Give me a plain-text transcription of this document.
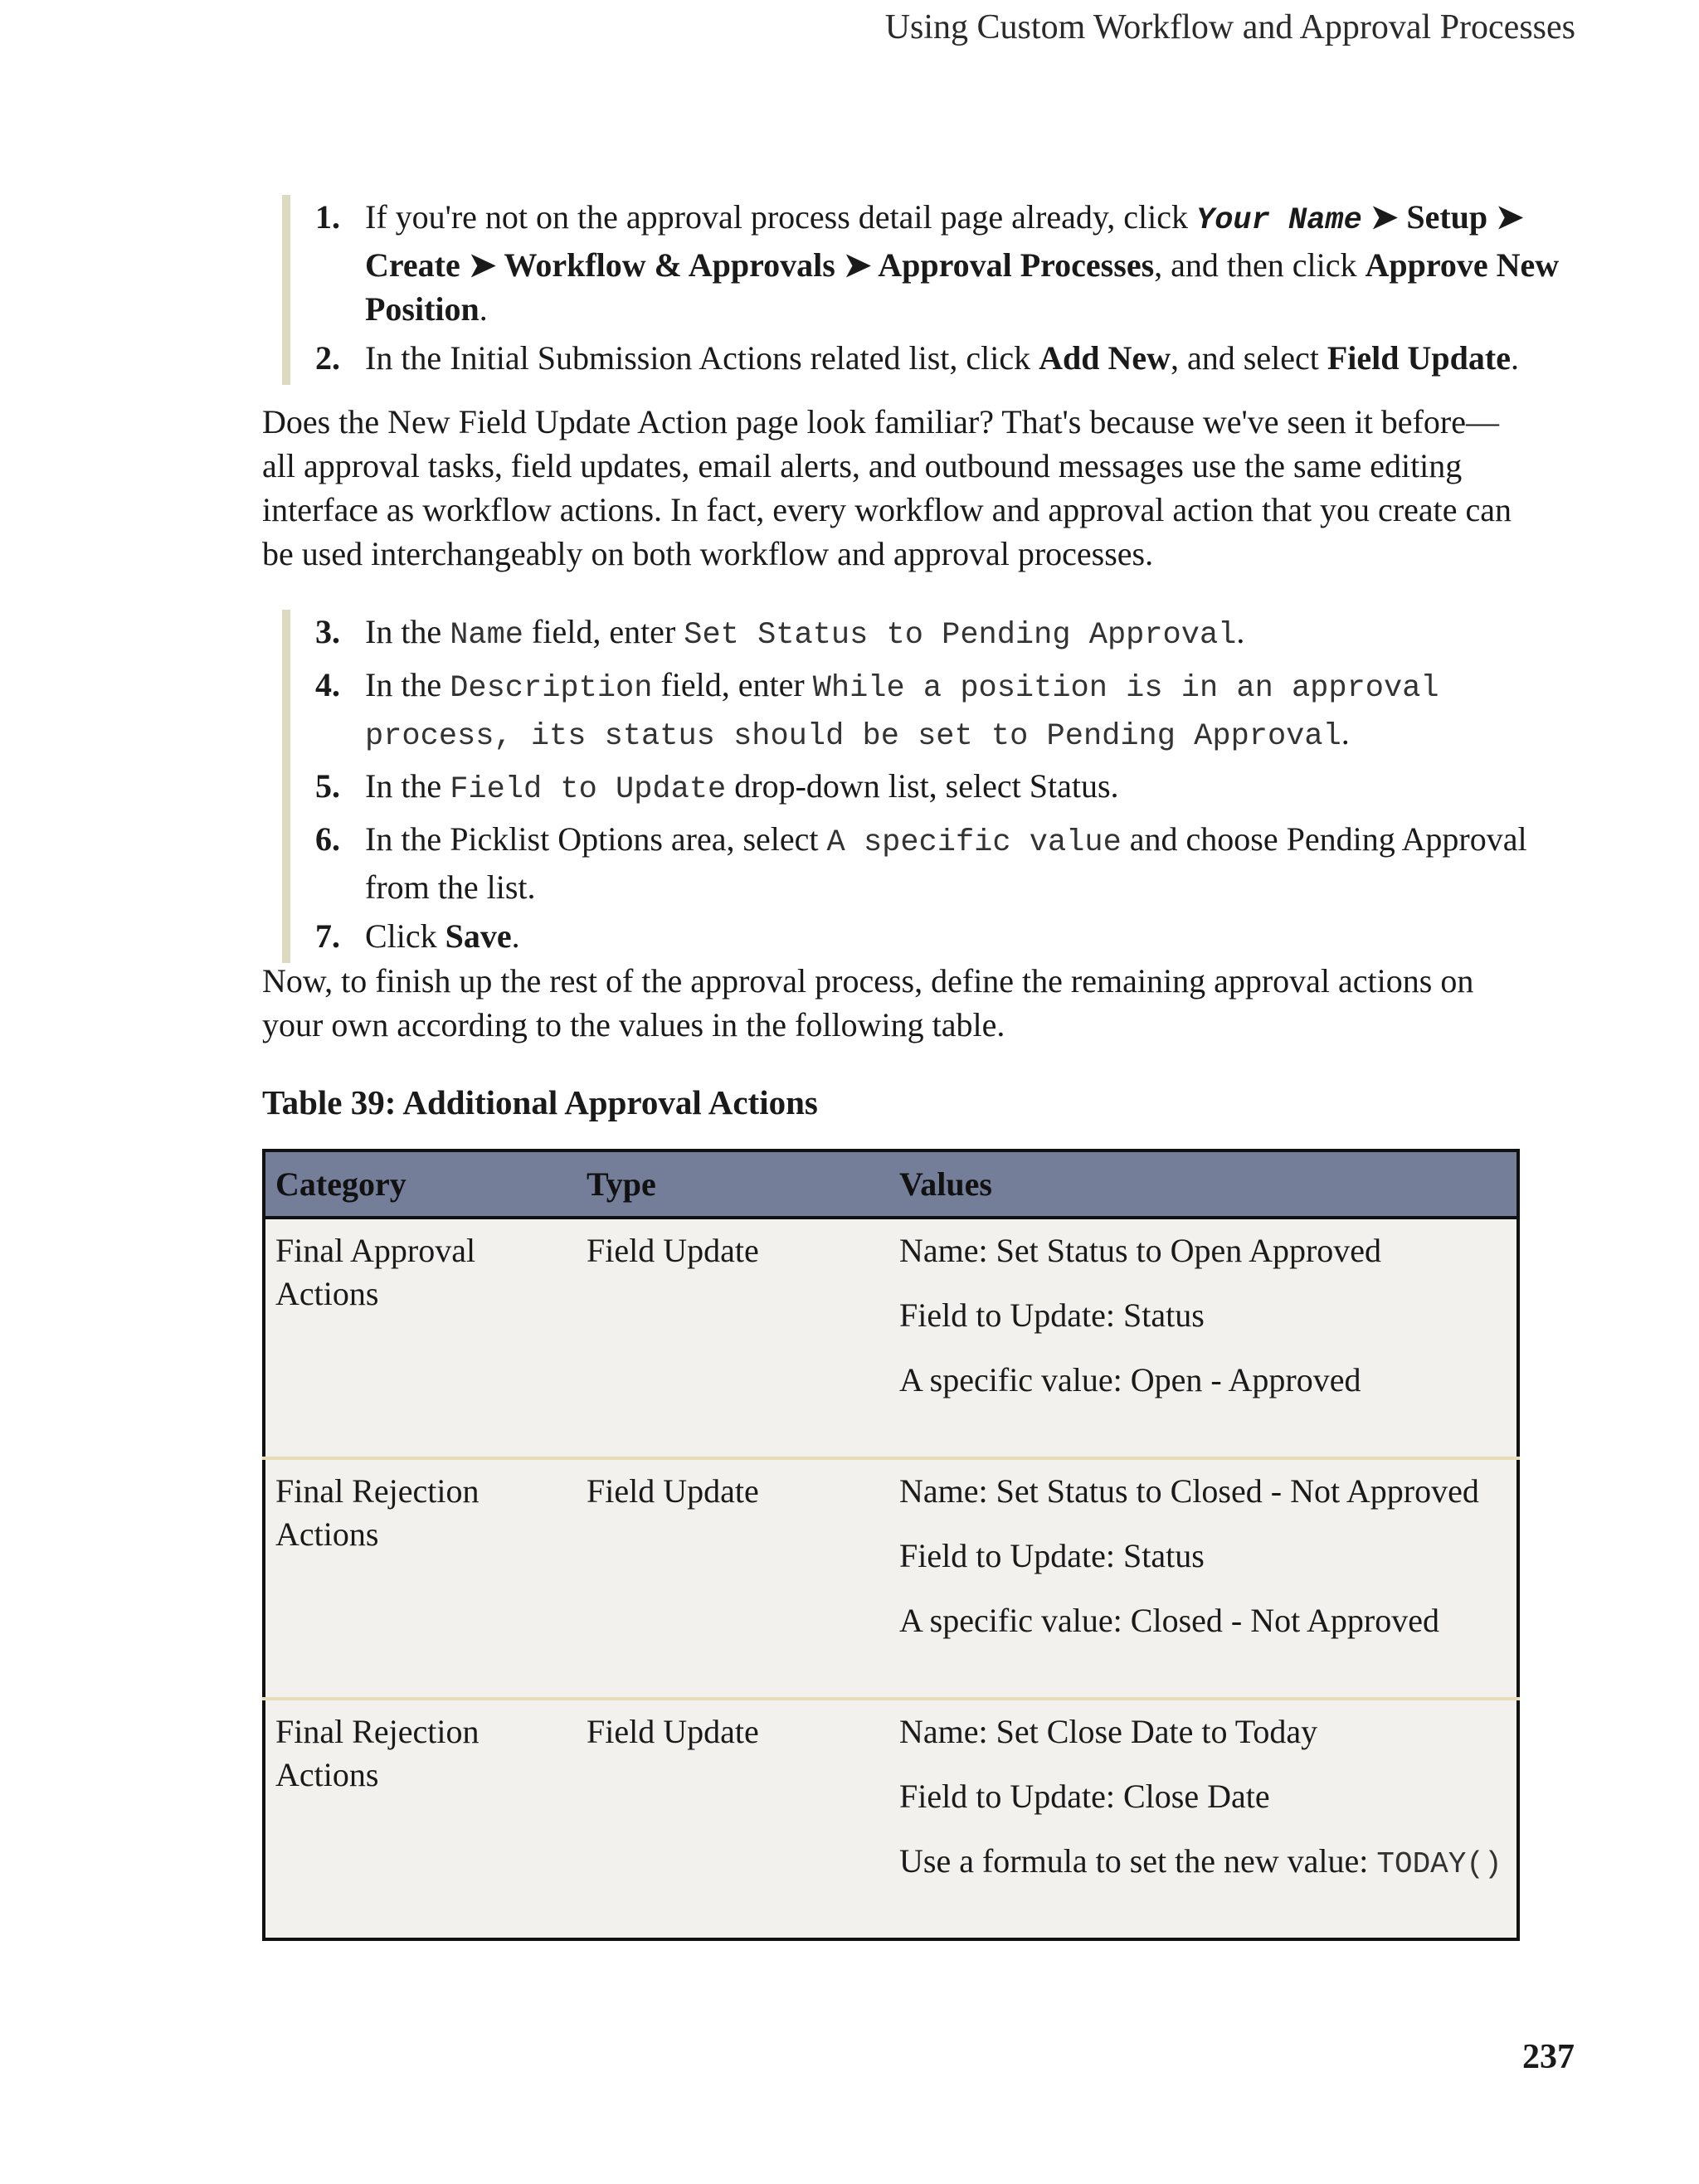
Using Custom Workflow and Approval Processes
1. If you're not on the approval process detail page already, click Your Name ➤ Setup ➤ Create ➤ Workflow & Approvals ➤ Approval Processes, and then click Approve New Position.
2. In the Initial Submission Actions related list, click Add New, and select Field Update.

Does the New Field Update Action page look familiar? That's because we've seen it before—all approval tasks, field updates, email alerts, and outbound messages use the same editing interface as workflow actions. In fact, every workflow and approval action that you create can be used interchangeably on both workflow and approval processes.

3. In the Name field, enter Set Status to Pending Approval.
4. In the Description field, enter While a position is in an approval process, its status should be set to Pending Approval.
5. In the Field to Update drop-down list, select Status.
6. In the Picklist Options area, select A specific value and choose Pending Approval from the list.
7. Click Save.

Now, to finish up the rest of the approval process, define the remaining approval actions on your own according to the values in the following table.

Table 39: Additional Approval Actions
Category	Type	Values
Final Approval Actions	Field Update	Name: Set Status to Open Approved
Field to Update: Status
A specific value: Open - Approved

Final Rejection Actions	Field Update	Name: Set Status to Closed - Not Approved
Field to Update: Status
A specific value: Closed - Not Approved

Final Rejection Actions	Field Update	Name: Set Close Date to Today
Field to Update: Close Date
Use a formula to set the new value: TODAY()
237
